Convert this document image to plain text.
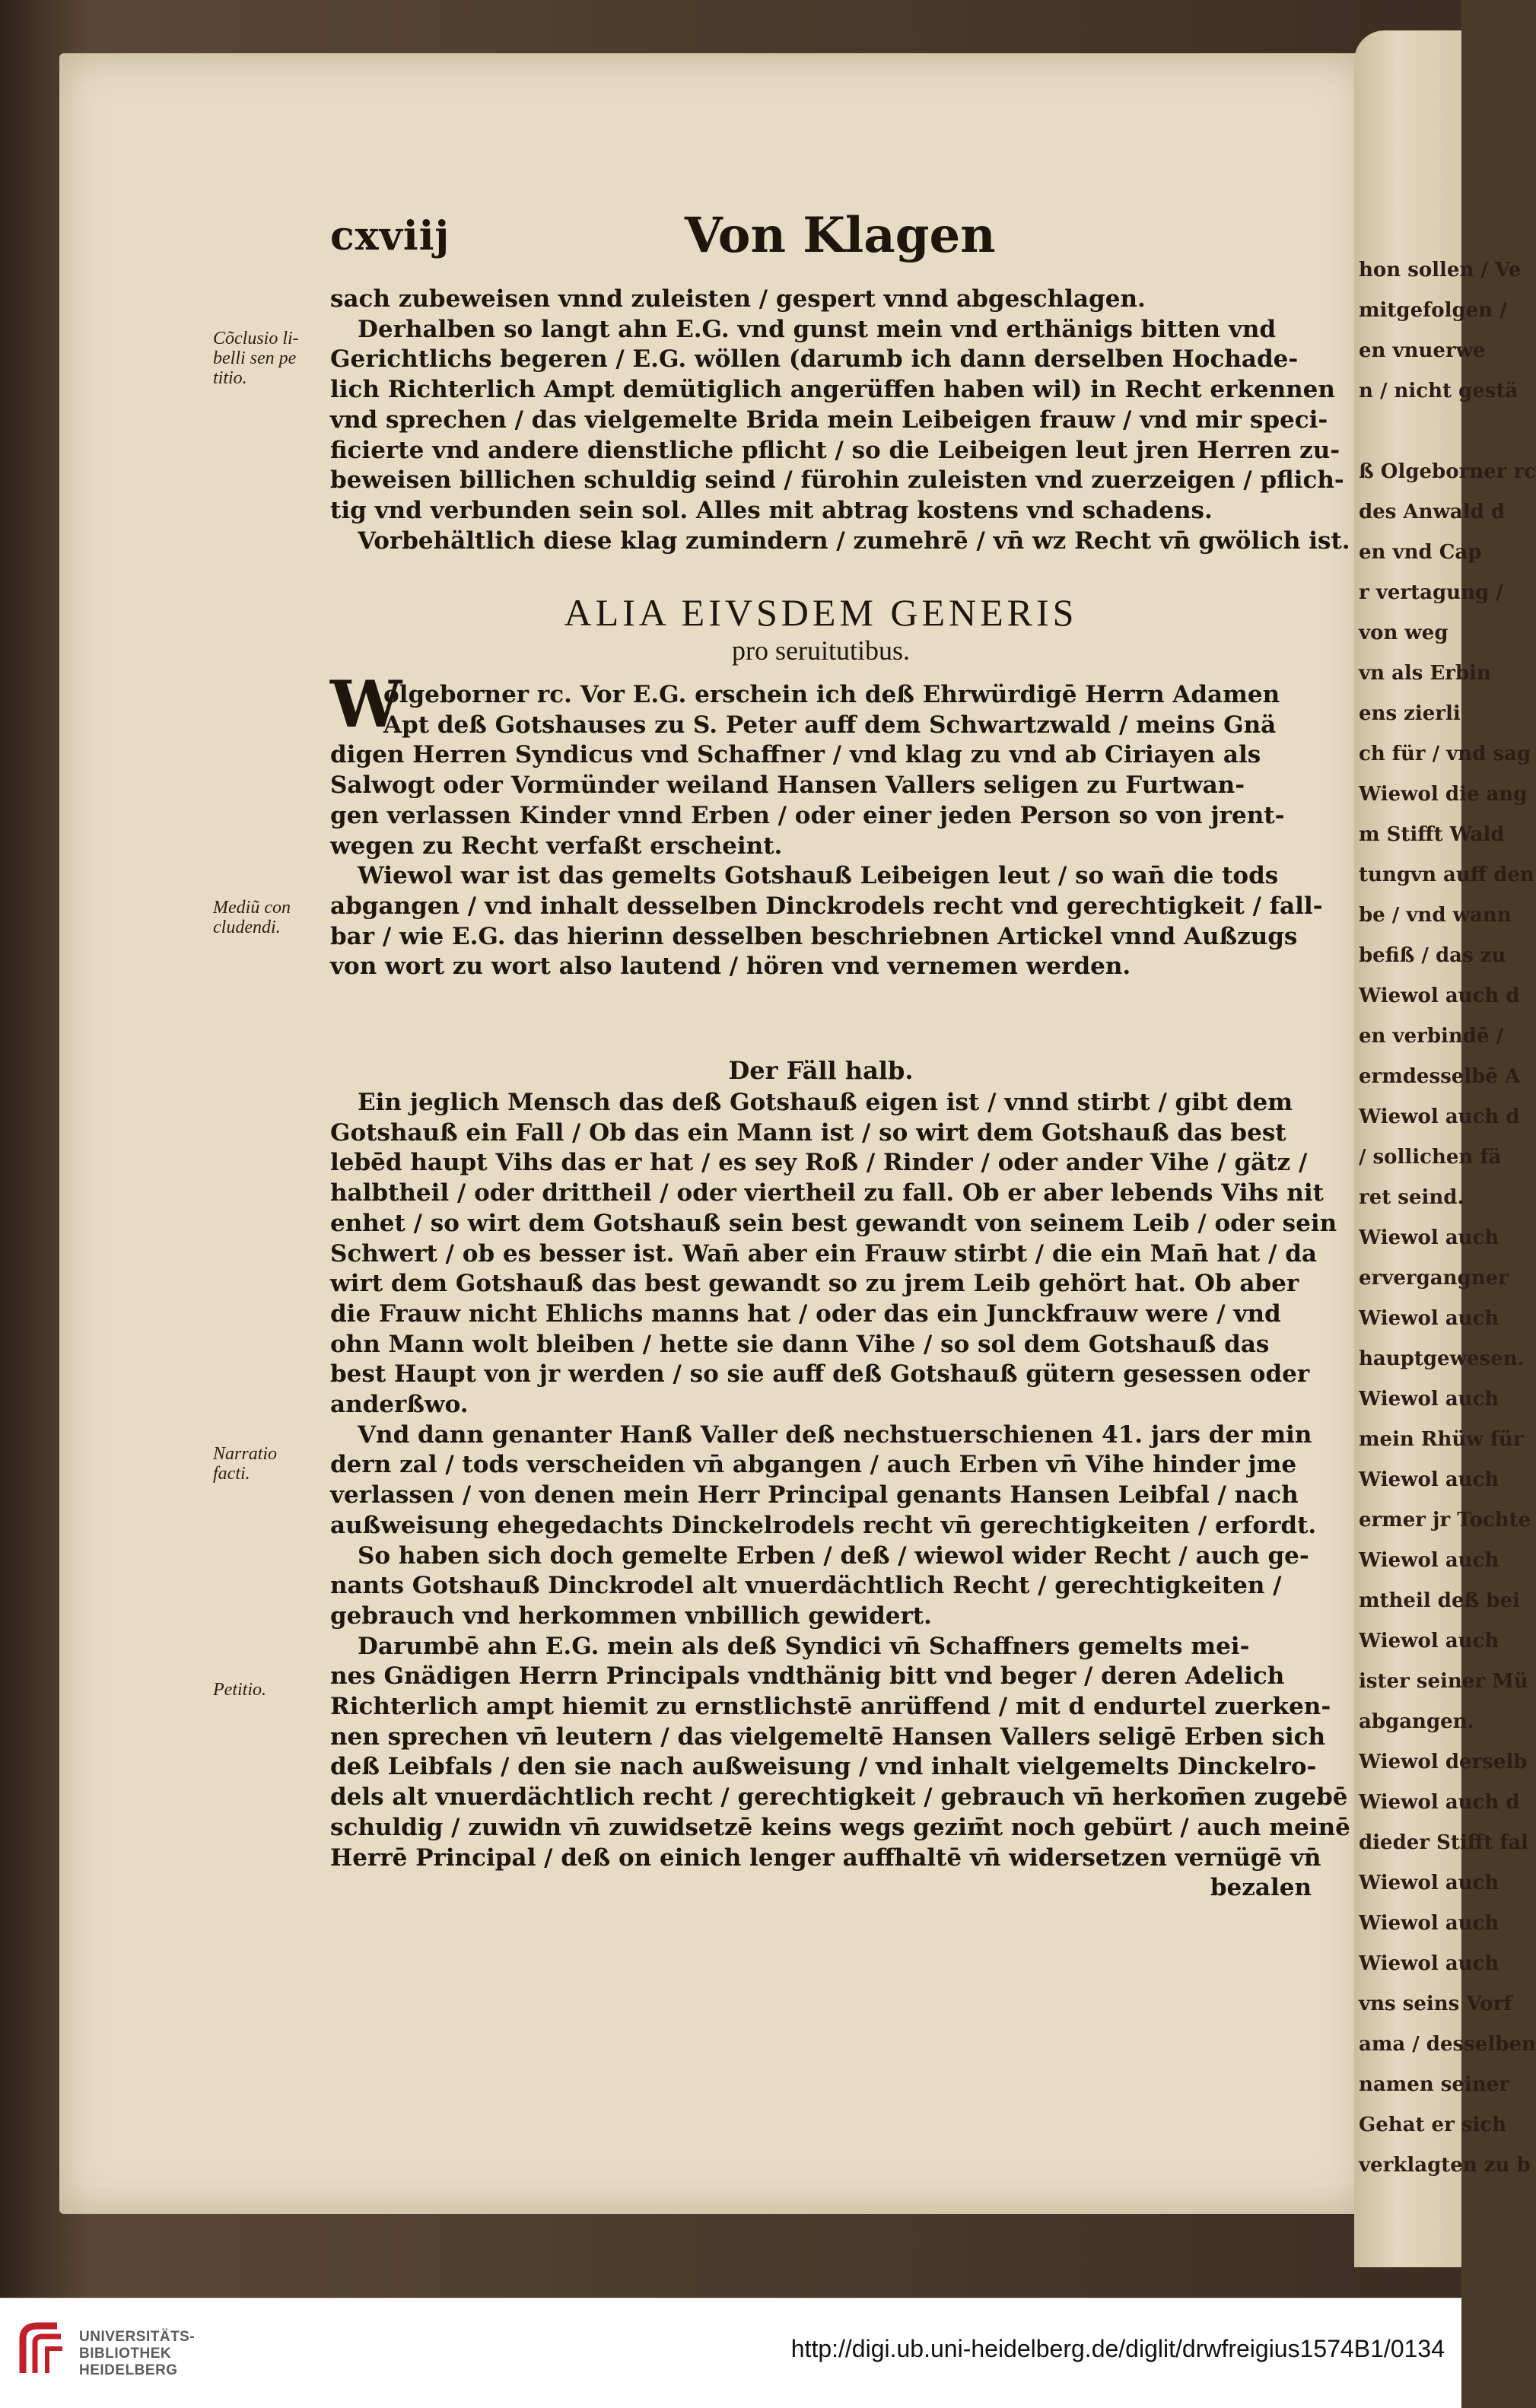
hon sollen / Ve
mitgefolgen /
en vnuerwe
n / nicht gestä
ß Olgeborner rc
des Anwald d
en vnd Cap
r vertagung /
von weg
vn als Erbin
ens zierli
ch für / vnd sag
Wiewol die ang
m Stifft Wald
tungvn auff den
be / vnd wann
befiß / das zu
Wiewol auch d
en verbindē /
ermdesselbē A
Wiewol auch d
/ sollichen fä
ret seind.
Wiewol auch
ervergangner
Wiewol auch
hauptgewesen.
Wiewol auch
mein Rhüw für
Wiewol auch
ermer jr Tochte
Wiewol auch
mtheil deß bei
Wiewol auch
ister seiner Mü
abgangen.
Wiewol derselb
Wiewol auch d
dieder Stifft fal
Wiewol auch
Wiewol auch
Wiewol auch
vns seins Vorf
ama / desselben
namen seiner
Gehat er sich
verklagten zu b
cxviij	Von Klagen
sach zubeweisen vnnd zuleisten / gespert vnnd abgeschlagen.
Derhalben so langt ahn E.G. vnd gunst mein vnd erthänigs bitten vnd
Gerichtlichs begeren / E.G. wöllen (darumb ich dann derselben Hochade-
lich Richterlich Ampt demütiglich angerüffen haben wil) in Recht erkennen
vnd sprechen / das vielgemelte Brida mein Leibeigen frauw / vnd mir speci-
ficierte vnd andere dienstliche pflicht / so die Leibeigen leut jren Herren zu-
beweisen billichen schuldig seind / fürohin zuleisten vnd zuerzeigen / pflich-
tig vnd verbunden sein sol. Alles mit abtrag kostens vnd schadens.
Vorbehältlich diese klag zumindern / zumehrē / vn̄ wz Recht vn̄ gwölich ist.
Cõclusio li-
belli sen pe
titio.
ALIA EIVSDEM GENERIS
pro seruitutibus.
W
olgeborner rc. Vor E.G. erschein ich deß Ehrwürdigē Herrn Adamen
Apt deß Gotshauses zu S. Peter auff dem Schwartzwald / meins Gnä
digen Herren Syndicus vnd Schaffner / vnd klag zu vnd ab Ciriayen als
Salwogt oder Vormünder weiland Hansen Vallers seligen zu Furtwan-
gen verlassen Kinder vnnd Erben / oder einer jeden Person so von jrent-
wegen zu Recht verfaßt erscheint.
Wiewol war ist das gemelts Gotshauß Leibeigen leut / so wan̄ die tods
abgangen / vnd inhalt desselben Dinckrodels recht vnd gerechtigkeit / fall-
bar / wie E.G. das hierinn desselben beschriebnen Artickel vnnd Außzugs
von wort zu wort also lautend / hören vnd vernemen werden.
Mediũ con
cludendi.
Der Fäll halb.
Ein jeglich Mensch das deß Gotshauß eigen ist / vnnd stirbt / gibt dem
Gotshauß ein Fall / Ob das ein Mann ist / so wirt dem Gotshauß das best
lebēd haupt Vihs das er hat / es sey Roß / Rinder / oder ander Vihe / gätz /
halbtheil / oder drittheil / oder viertheil zu fall. Ob er aber lebends Vihs nit
enhet / so wirt dem Gotshauß sein best gewandt von seinem Leib / oder sein
Schwert / ob es besser ist. Wan̄ aber ein Frauw stirbt / die ein Man̄ hat / da
wirt dem Gotshauß das best gewandt so zu jrem Leib gehört hat. Ob aber
die Frauw nicht Ehlichs manns hat / oder das ein Junckfrauw were / vnd
ohn Mann wolt bleiben / hette sie dann Vihe / so sol dem Gotshauß das
best Haupt von jr werden / so sie auff deß Gotshauß gütern gesessen oder
anderßwo.
Vnd dann genanter Hanß Valler deß nechstuerschienen 41. jars der min
dern zal / tods verscheiden vn̄ abgangen / auch Erben vn̄ Vihe hinder jme
verlassen / von denen mein Herr Principal genants Hansen Leibfal / nach
außweisung ehegedachts Dinckelrodels recht vn̄ gerechtigkeiten / erfordt.
So haben sich doch gemelte Erben / deß / wiewol wider Recht / auch ge-
nants Gotshauß Dinckrodel alt vnuerdächtlich Recht / gerechtigkeiten /
gebrauch vnd herkommen vnbillich gewidert.
Darumbē ahn E.G. mein als deß Syndici vn̄ Schaffners gemelts mei-
nes Gnädigen Herrn Principals vndthänig bitt vnd beger / deren Adelich
Richterlich ampt hiemit zu ernstlichstē anrüffend / mit d endurtel zuerken-
nen sprechen vn̄ leutern / das vielgemeltē Hansen Vallers seligē Erben sich
deß Leibfals / den sie nach außweisung / vnd inhalt vielgemelts Dinckelro-
dels alt vnuerdächtlich recht / gerechtigkeit / gebrauch vn̄ herkom̄en zugebē
schuldig / zuwidn vn̄ zuwidsetzē keins wegs gezim̄t noch gebürt / auch meinē
Herrē Principal / deß on einich lenger auffhaltē vn̄ widersetzen vernügē vn̄
bezalen
Narratio
facti.
Petitio.
UNIVERSITÄTS-
BIBLIOTHEK
HEIDELBERG
http://digi.ub.uni-heidelberg.de/diglit/drwfreigius1574B1/0134
